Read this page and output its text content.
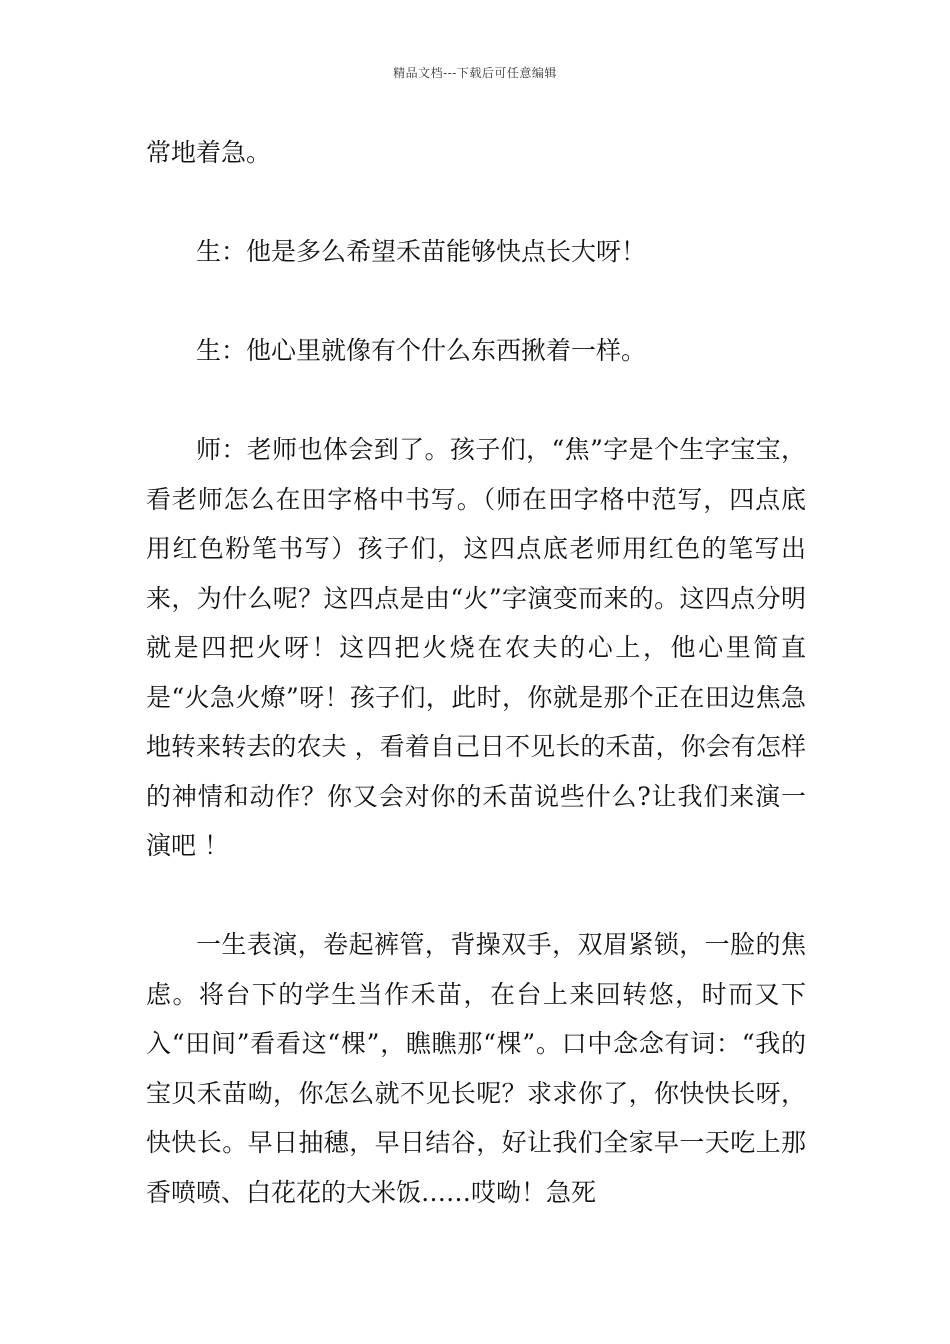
精品文档---下载后可任意编辑

常地着急。

生：他是多么希望禾苗能够快点长大呀！

生：他心里就像有个什么东西揪着一样。

师：老师也体会到了。孩子们，“焦”字是个生字宝宝，看老师怎么在田字格中书写。（师在田字格中范写，四点底用红色粉笔书写）孩子们，这四点底老师用红色的笔写出来，为什么呢？这四点是由“火”字演变而来的。这四点分明就是四把火呀！这四把火烧在农夫的心上，他心里简直是“火急火燎”呀！孩子们，此时，你就是那个正在田边焦急地转来转去的农夫 ，看着自己日不见长的禾苗，你会有怎样的神情和动作？你又会对你的禾苗说些什么?让我们来演一演吧 ！

一生表演，卷起裤管，背操双手，双眉紧锁，一脸的焦虑。将台下的学生当作禾苗，在台上来回转悠，时而又下入“田间”看看这“棵”，瞧瞧那“棵”。口中念念有词：“我的宝贝禾苗呦，你怎么就不见长呢？求求你了，你快快长呀，快快长。早日抽穗，早日结谷，好让我们全家早一天吃上那香喷喷、白花花的大米饭……哎呦！急死
